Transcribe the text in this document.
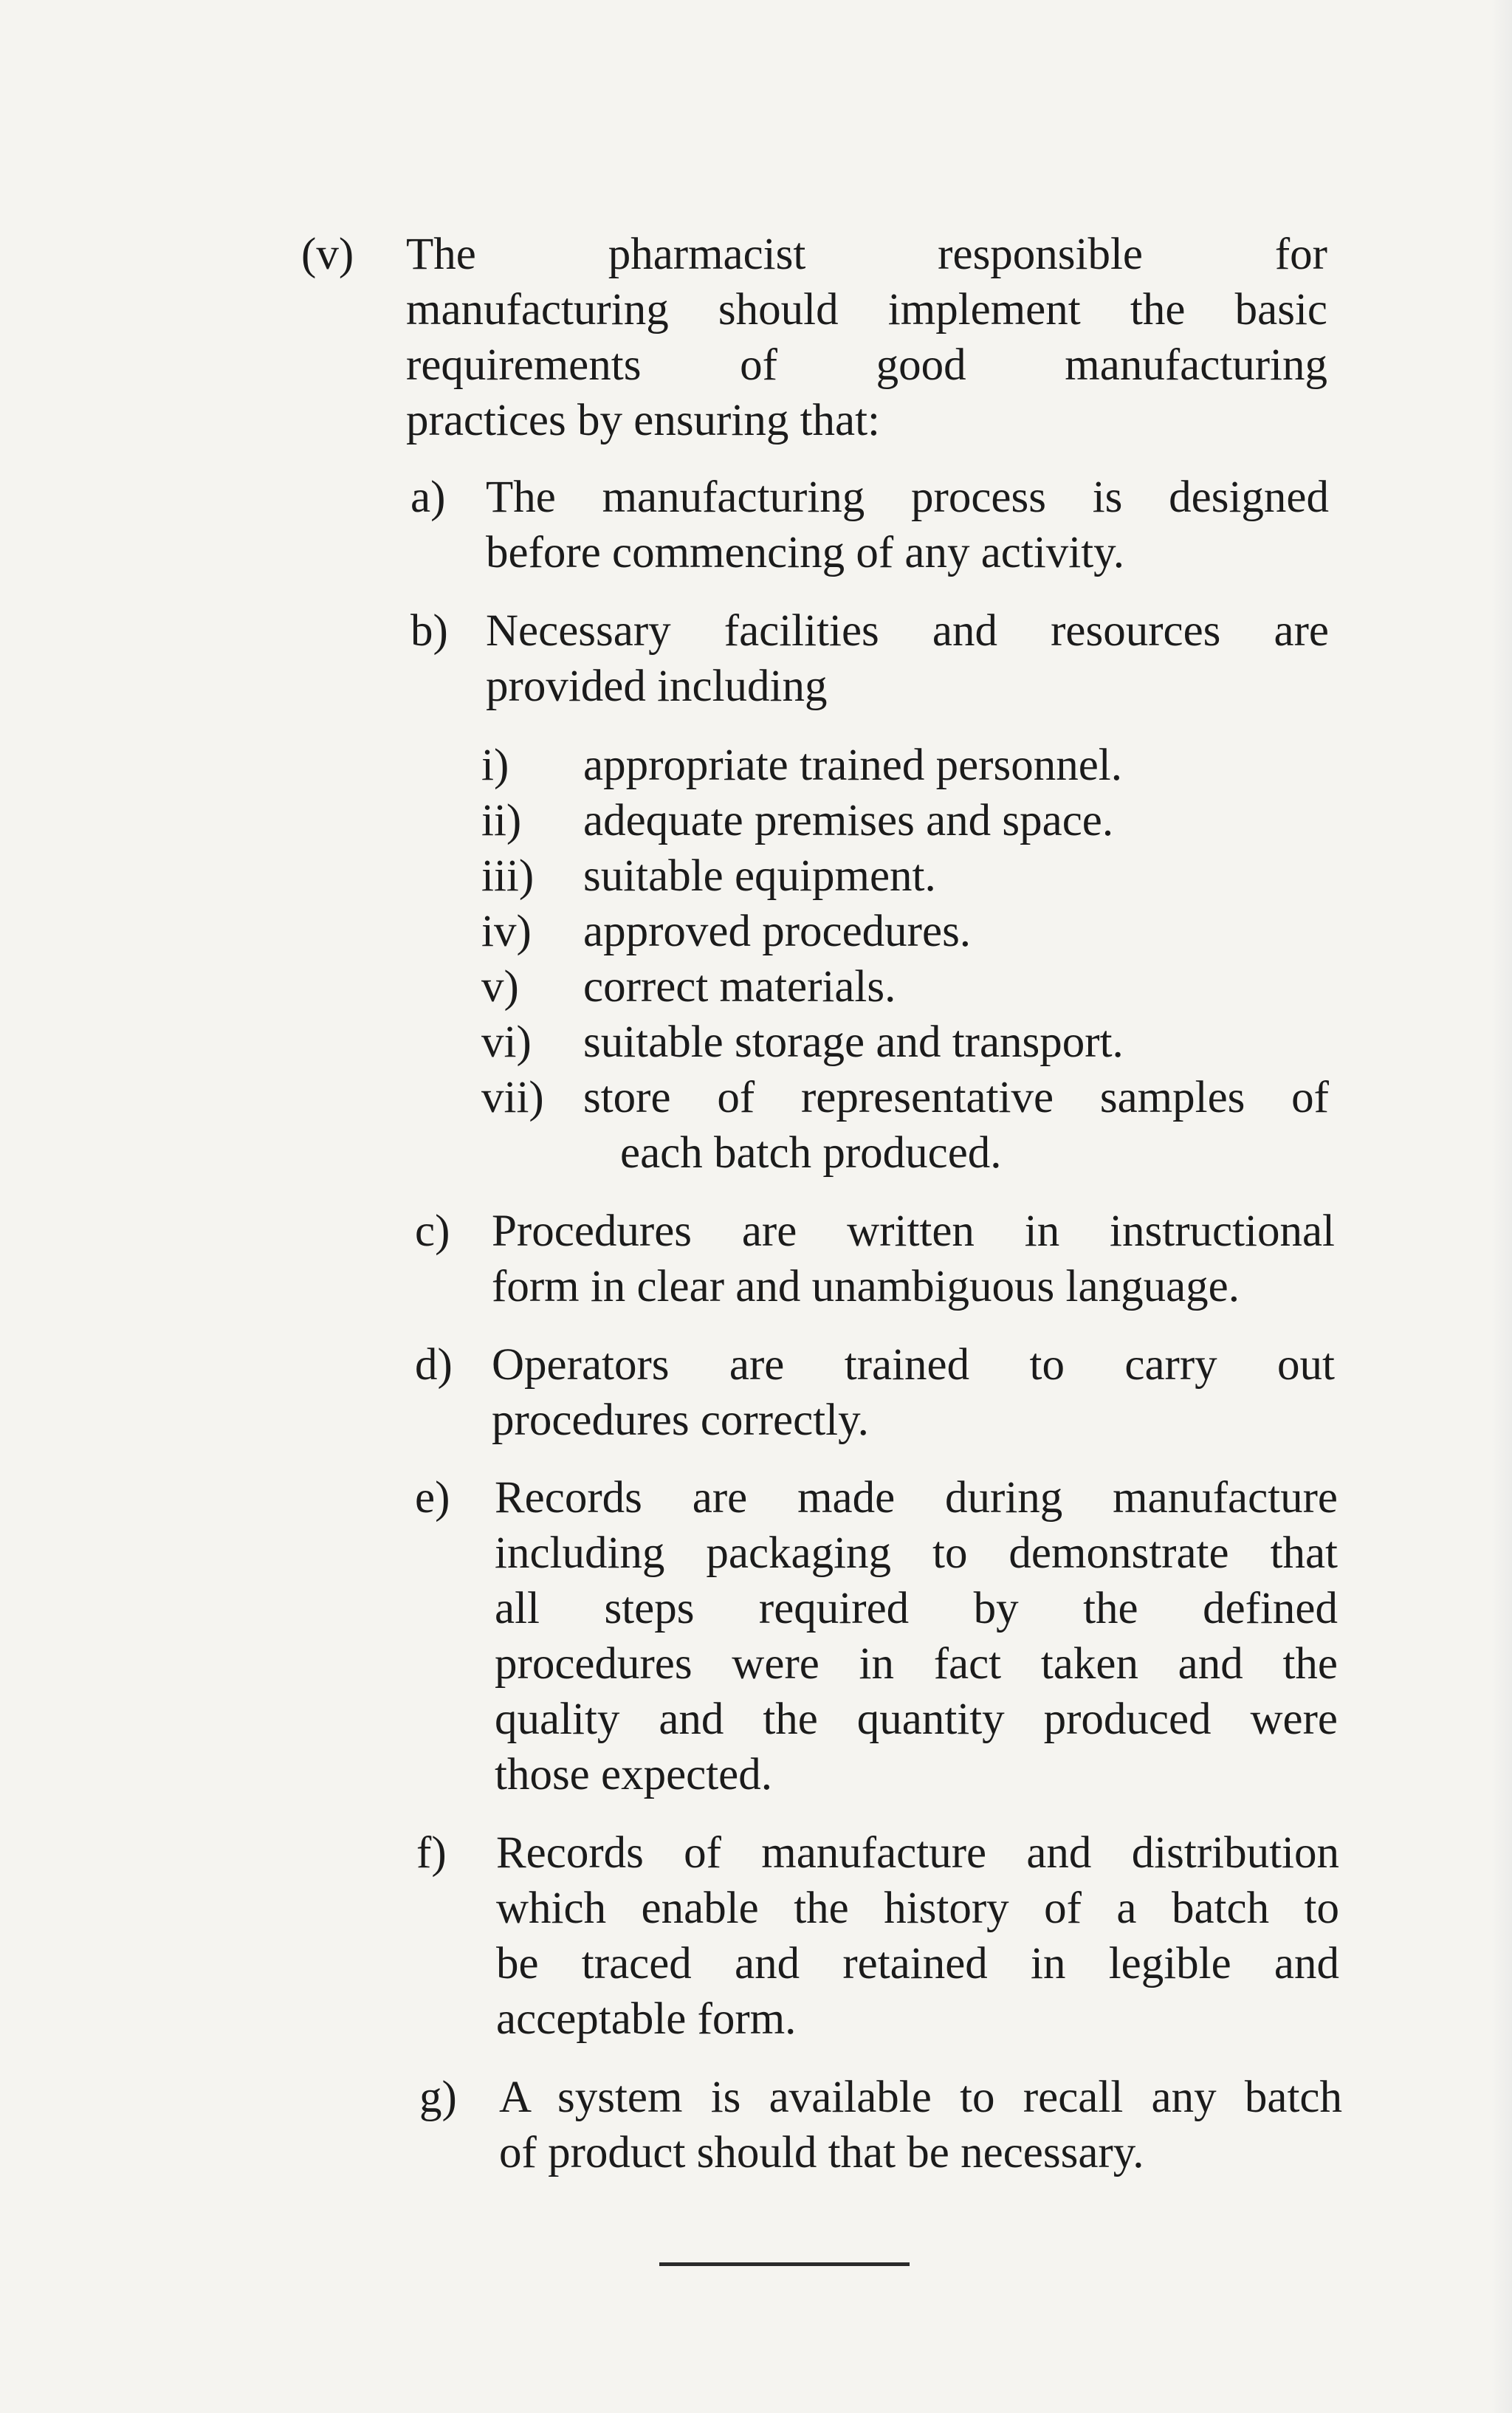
(v) The pharmacist responsible for
manufacturing should implement the basic
requirements of good manufacturing
practices by ensuring that:
a) The manufacturing process is designed
before commencing of any activity.
b) Necessary facilities and resources are
provided including
i) appropriate trained personnel.
ii) adequate premises and space.
iii) suitable equipment.
iv) approved procedures.
v) correct materials.
vi) suitable storage and transport.
vii) store of representative samples of
each batch produced.
c) Procedures are written in instructional
form in clear and unambiguous language.
d) Operators are trained to carry out
procedures correctly.
e) Records are made during manufacture
including packaging to demonstrate that
all steps required by the defined
procedures were in fact taken and the
quality and the quantity produced were
those expected.
f) Records of manufacture and distribution
which enable the history of a batch to
be traced and retained in legible and
acceptable form.
g) A system is available to recall any batch
of product should that be necessary.
